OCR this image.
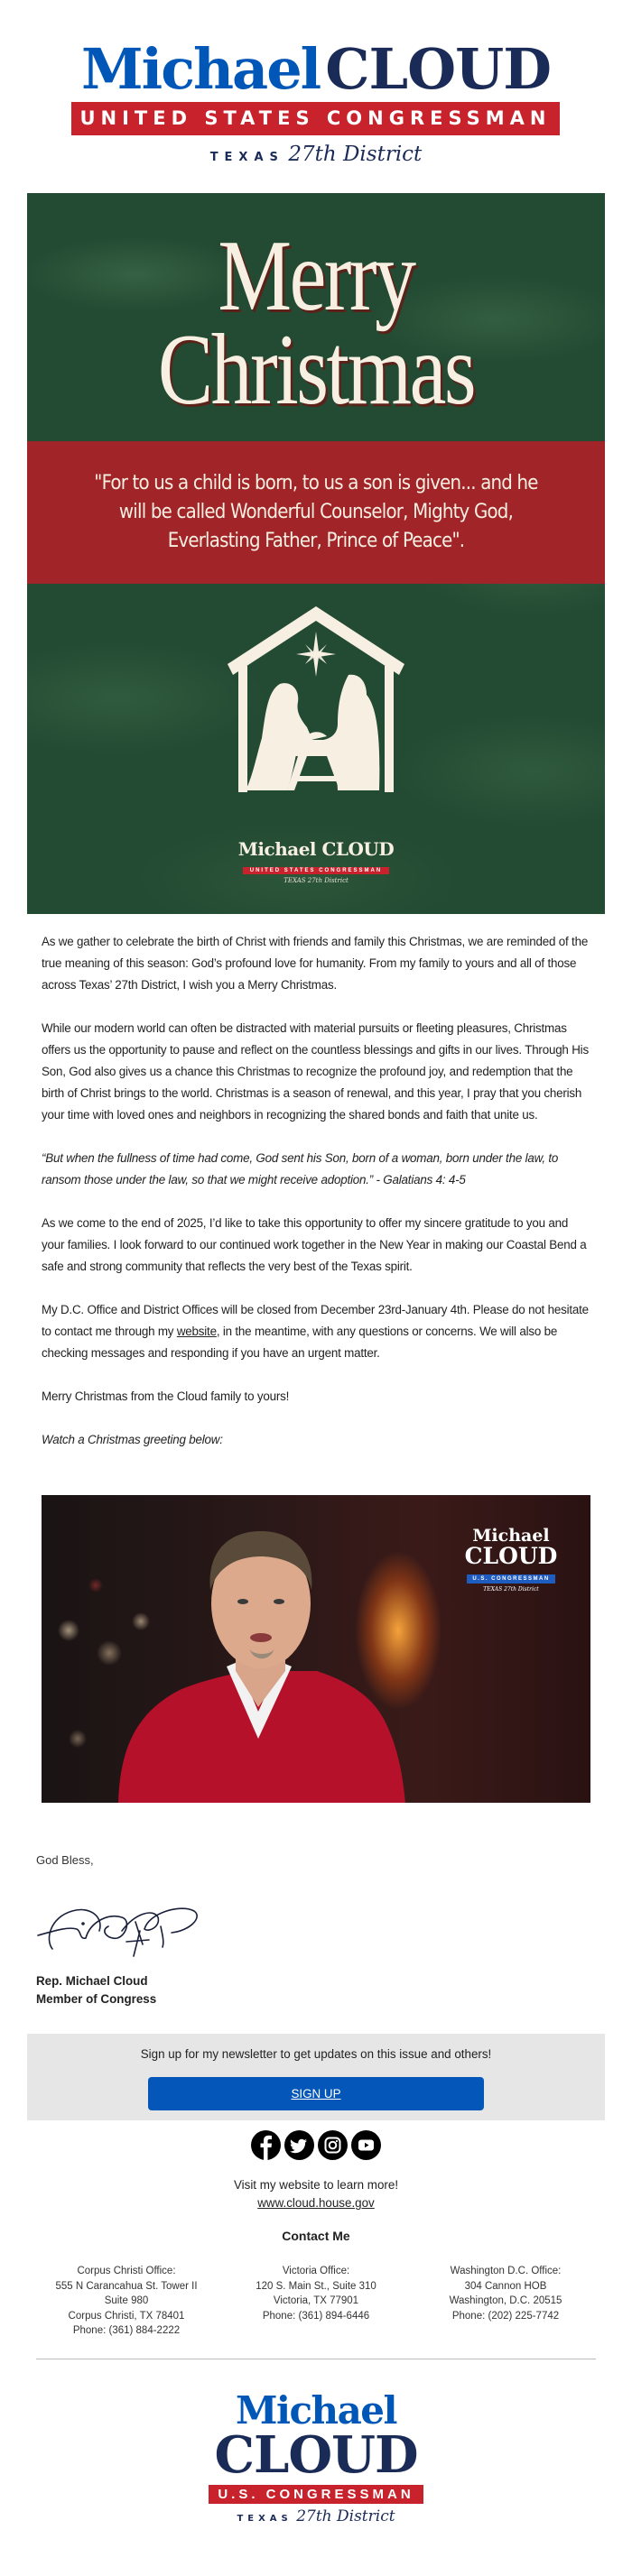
MichaelCLOUD
UNITED STATES CONGRESSMAN
TEXAS 27th District
Merry
Christmas
"For to us a child is born, to us a son is given... and he will be called Wonderful Counselor, Mighty God, Everlasting Father, Prince of Peace".
Michael CLOUD
UNITED STATES CONGRESSMAN
TEXAS 27th District

As we gather to celebrate the birth of Christ with friends and family this Christmas, we are reminded of the true meaning of this season: God’s profound love for humanity. From my family to yours and all of those across Texas’ 27th District, I wish you a Merry Christmas.

While our modern world can often be distracted with material pursuits or fleeting pleasures, Christmas offers us the opportunity to pause and reflect on the countless blessings and gifts in our lives. Through His Son, God also gives us a chance this Christmas to recognize the profound joy, and redemption that the birth of Christ brings to the world. Christmas is a season of renewal, and this year, I pray that you cherish your time with loved ones and neighbors in recognizing the shared bonds and faith that unite us.

“But when the fullness of time had come, God sent his Son, born of a woman, born under the law, to ransom those under the law, so that we might receive adoption.” - Galatians 4: 4-5

As we come to the end of 2025, I’d like to take this opportunity to offer my sincere gratitude to you and your families. I look forward to our continued work together in the New Year in making our Coastal Bend a safe and strong community that reflects the very best of the Texas spirit.

My D.C. Office and District Offices will be closed from December 23rd-January 4th. Please do not hesitate to contact me through my website, in the meantime, with any questions or concerns. We will also be checking messages and responding if you have an urgent matter.

Merry Christmas from the Cloud family to yours!

Watch a Christmas greeting below:

Michael
CLOUD
U.S. CONGRESSMAN
TEXAS 27th District
God Bless,
Rep. Michael Cloud
Member of Congress
Sign up for my newsletter to get updates on this issue and others!
SIGN UP

Visit my website to learn more!
www.cloud.house.gov
Contact Me
Corpus Christi Office:
555 N Carancahua St. Tower II
Suite 980
Corpus Christi, TX 78401
Phone: (361) 884-2222
Victoria Office:
120 S. Main St., Suite 310
Victoria, TX 77901
Phone: (361) 894-6446
Washington D.C. Office:
304 Cannon HOB
Washington, D.C. 20515
Phone: (202) 225-7742
Michael
CLOUD
U.S. CONGRESSMAN
TEXAS 27th District
